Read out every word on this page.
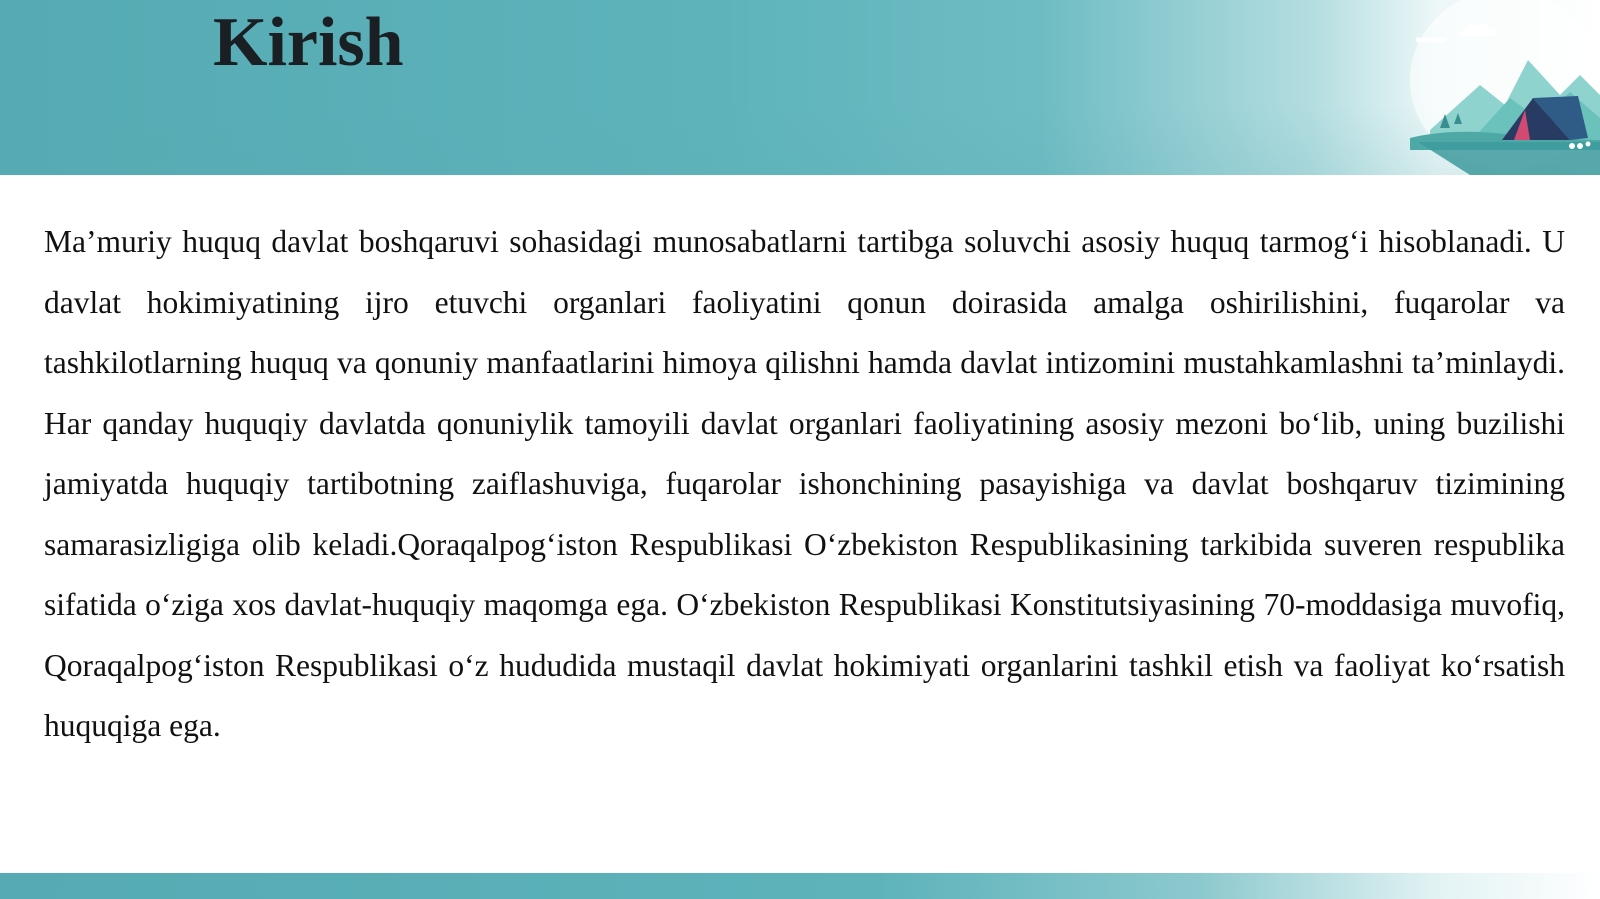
Kirish

Ma’muriy huquq davlat boshqaruvi sohasidagi munosabatlarni tartibga soluvchi asosiy huquq tarmog‘i hisoblanadi. U davlat hokimiyatining ijro etuvchi organlari faoliyatini qonun doirasida amalga oshirilishini, fuqarolar va tashkilotlarning huquq va qonuniy manfaatlarini himoya qilishni hamda davlat intizomini mustahkamlashni ta’minlaydi. Har qanday huquqiy davlatda qonuniylik tamoyili davlat organlari faoliyatining asosiy mezoni bo‘lib, uning buzilishi jamiyatda huquqiy tartibotning zaiflashuviga, fuqarolar ishonchining pasayishiga va davlat boshqaruv tizimining samarasizligiga olib keladi.Qoraqalpog‘iston Respublikasi O‘zbekiston Respublikasining tarkibida suveren respublika sifatida o‘ziga xos davlat-huquqiy maqomga ega. O‘zbekiston Respublikasi Konstitutsiyasining 70-moddasiga muvofiq, Qoraqalpog‘iston Respublikasi o‘z hududida mustaqil davlat hokimiyati organlarini tashkil etish va faoliyat ko‘rsatish huquqiga ega.
